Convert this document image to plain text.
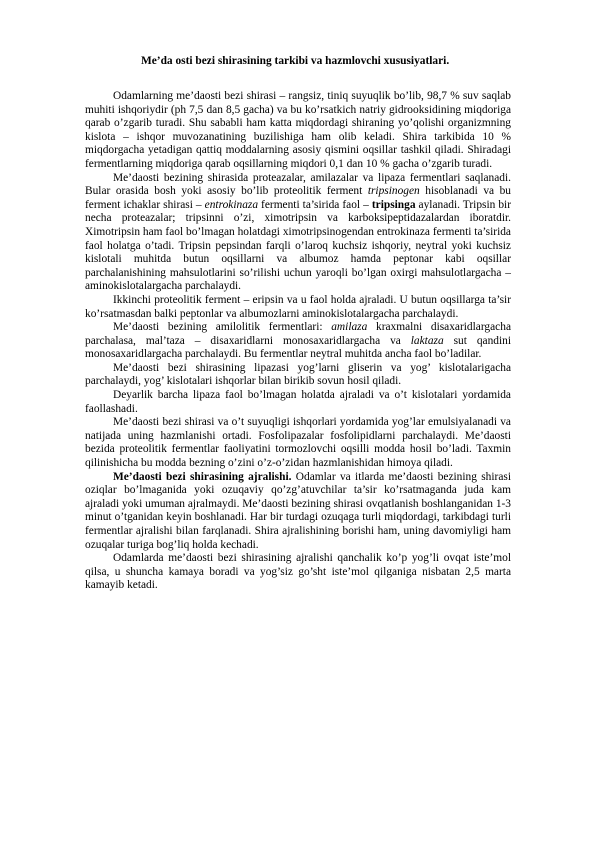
Me’da osti bezi shirasining tarkibi va hazmlovchi xususiyatlari.

Odamlarning me’daosti bezi shirasi – rangsiz, tiniq suyuqlik bo’lib, 98,7 % suv saqlab muhiti ishqoriydir (ph 7,5 dan 8,5 gacha) va bu ko’rsatkich natriy gidrooksidining miqdoriga qarab o’zgarib turadi. Shu sababli ham katta miqdordagi shiraning yo’qolishi organizmning kislota – ishqor muvozanatining buzilishiga ham olib keladi. Shira tarkibida 10 % miqdorgacha yetadigan qattiq moddalarning asosiy qismini oqsillar tashkil qiladi. Shiradagi fermentlarning miqdoriga qarab oqsillarning miqdori 0,1 dan 10 % gacha o’zgarib turadi.

Me’daosti bezining shirasida proteazalar, amilazalar va lipaza fermentlari saqlanadi. Bular orasida bosh yoki asosiy bo’lib proteolitik ferment tripsinogen hisoblanadi va bu ferment ichaklar shirasi – entrokinaza fermenti ta’sirida faol – tripsinga aylanadi. Tripsin bir necha proteazalar; tripsinni o’zi, ximotripsin va karboksipeptidazalardan iboratdir. Ximotripsin ham faol bo’lmagan holatdagi ximotripsinogendan entrokinaza fermenti ta’sirida faol holatga o’tadi. Tripsin pepsindan farqli o’laroq kuchsiz ishqoriy, neytral yoki kuchsiz kislotali muhitda butun oqsillarni va albumoz hamda peptonar kabi oqsillar parchalanishining mahsulotlarini so’rilishi uchun yaroqli bo’lgan oxirgi mahsulotlargacha – aminokislotalargacha parchalaydi.

Ikkinchi proteolitik ferment – eripsin va u faol holda ajraladi. U butun oqsillarga ta’sir ko’rsatmasdan balki peptonlar va albumozlarni aminokislotalargacha parchalaydi.

Me’daosti bezining amilolitik fermentlari: amilaza kraxmalni disaxaridlargacha parchalasa, mal’taza – disaxaridlarni monosaxaridlargacha va laktaza sut qandini monosaxaridlargacha parchalaydi. Bu fermentlar neytral muhitda ancha faol bo’ladilar.

Me’daosti bezi shirasining lipazasi yog’larni gliserin va yog’ kislotalarigacha parchalaydi, yog’ kislotalari ishqorlar bilan birikib sovun hosil qiladi.

Deyarlik barcha lipaza faol bo’lmagan holatda ajraladi va o’t kislotalari yordamida faollashadi.

Me’daosti bezi shirasi va o’t suyuqligi ishqorlari yordamida yog’lar emulsiyalanadi va natijada uning hazmlanishi ortadi. Fosfolipazalar fosfolipidlarni parchalaydi. Me’daosti bezida proteolitik fermentlar faoliyatini tormozlovchi oqsilli modda hosil bo’ladi. Taxmin qilinishicha bu modda bezning o’zini o’z-o’zidan hazmlanishidan himoya qiladi.

Me’daosti bezi shirasining ajralishi. Odamlar va itlarda me’daosti bezining shirasi oziqlar bo’lmaganida yoki ozuqaviy qo’zg’atuvchilar ta’sir ko’rsatmaganda juda kam ajraladi yoki umuman ajralmaydi. Me’daosti bezining shirasi ovqatlanish boshlanganidan 1-3 minut o’tganidan keyin boshlanadi. Har bir turdagi ozuqaga turli miqdordagi, tarkibdagi turli fermentlar ajralishi bilan farqlanadi. Shira ajralishining borishi ham, uning davomiyligi ham ozuqalar turiga bog’liq holda kechadi.

Odamlarda me’daosti bezi shirasining ajralishi qanchalik ko’p yog’li ovqat iste’mol qilsa, u shuncha kamaya boradi va yog’siz go’sht iste’mol qilganiga nisbatan 2,5 marta kamayib ketadi.
